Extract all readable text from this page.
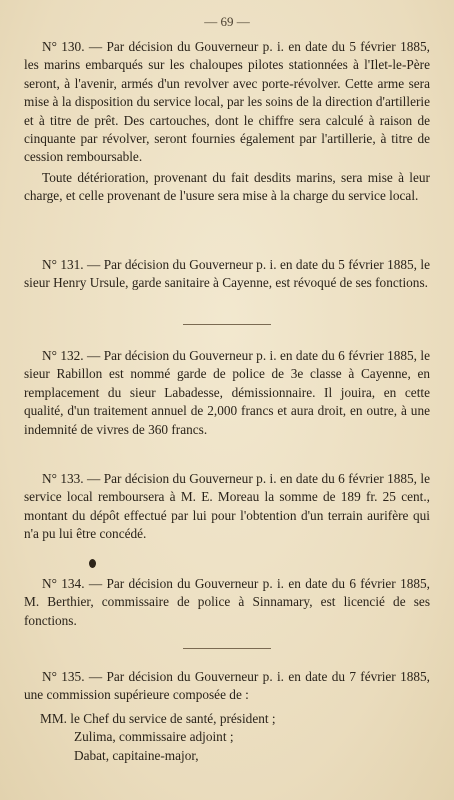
— 69 —

N° 130. — Par décision du Gouverneur p. i. en date du 5 février 1885, les marins embarqués sur les chaloupes pilotes stationnées à l'Ilet-le-Père seront, à l'avenir, armés d'un revolver avec porte-révolver. Cette arme sera mise à la disposition du service local, par les soins de la direction d'artillerie et à titre de prêt. Des cartouches, dont le chiffre sera calculé à raison de cinquante par révolver, seront fournies également par l'artillerie, à titre de cession remboursable.

Toute détérioration, provenant du fait desdits marins, sera mise à leur charge, et celle provenant de l'usure sera mise à la charge du service local.

N° 131. — Par décision du Gouverneur p. i. en date du 5 février 1885, le sieur Henry Ursule, garde sanitaire à Cayenne, est révoqué de ses fonctions.

N° 132. — Par décision du Gouverneur p. i. en date du 6 février 1885, le sieur Rabillon est nommé garde de police de 3e classe à Cayenne, en remplacement du sieur Labadesse, démissionnaire. Il jouira, en cette qualité, d'un traitement annuel de 2,000 francs et aura droit, en outre, à une indemnité de vivres de 360 francs.

N° 133. — Par décision du Gouverneur p. i. en date du 6 février 1885, le service local remboursera à M. E. Moreau la somme de 189 fr. 25 cent., montant du dépôt effectué par lui pour l'obtention d'un terrain aurifère qui n'a pu lui être concédé.

N° 134. — Par décision du Gouverneur p. i. en date du 6 février 1885, M. Berthier, commissaire de police à Sinnamary, est licencié de ses fonctions.

N° 135. — Par décision du Gouverneur p. i. en date du 7 février 1885, une commission supérieure composée de :

MM. le Chef du service de santé, président ;
Zulima, commissaire adjoint ;
Dabat, capitaine-major,
